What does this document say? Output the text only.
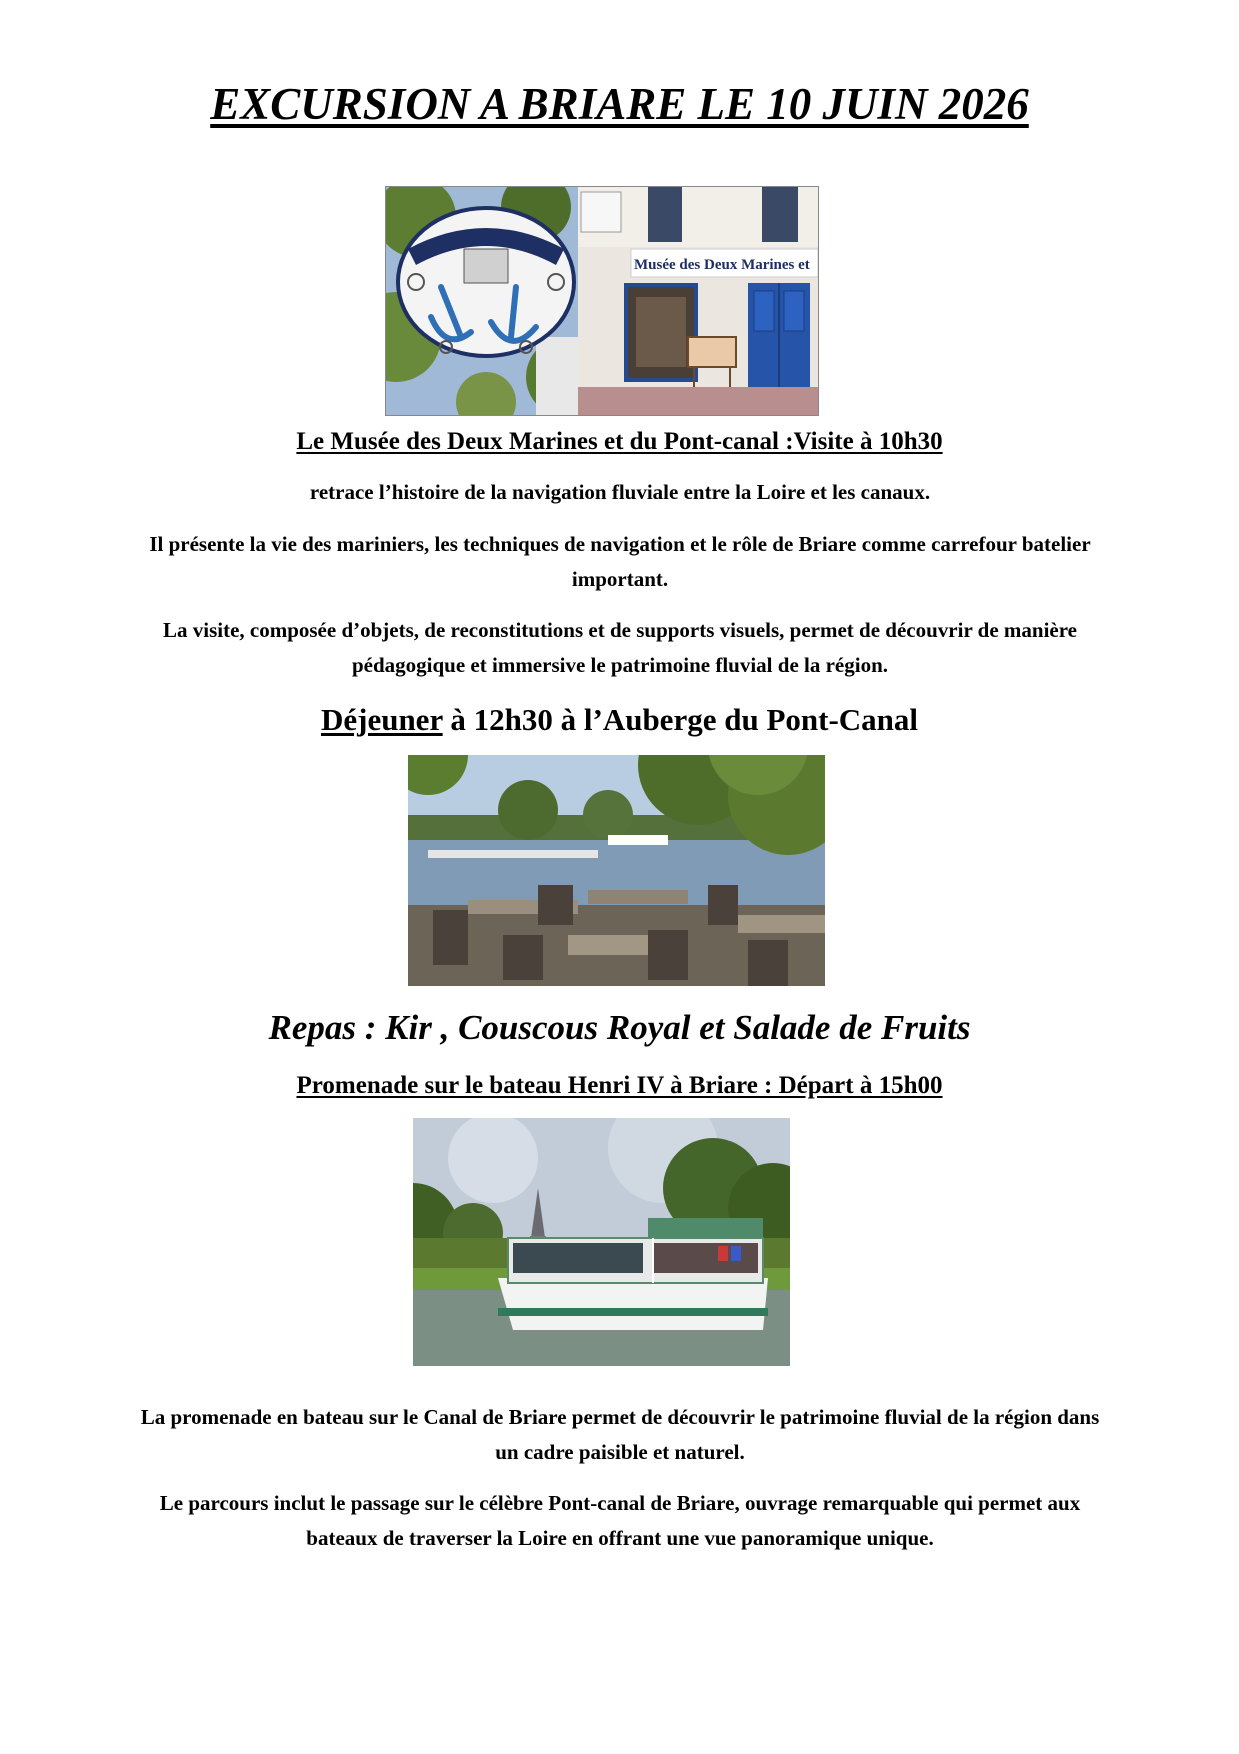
EXCURSION A BRIARE LE 10 JUIN 2026
Musée des Deux Marines et
Le Musée des Deux Marines et du Pont-canal :Visite à 10h30
retrace l’histoire de la navigation fluviale entre la Loire et les canaux.
Il présente la vie des mariniers, les techniques de navigation et le rôle de Briare comme carrefour batelier important.
La visite, composée d’objets, de reconstitutions et de supports visuels, permet de découvrir de manière pédagogique et immersive le patrimoine fluvial de la région.
Déjeuner à 12h30 à l’Auberge du Pont-Canal
Repas : Kir , Couscous Royal et Salade de Fruits
Promenade sur le bateau Henri IV à Briare : Départ à 15h00
La promenade en bateau sur le Canal de Briare permet de découvrir le patrimoine fluvial de la région dans un cadre paisible et naturel.
Le parcours inclut le passage sur le célèbre Pont-canal de Briare, ouvrage remarquable qui permet aux bateaux de traverser la Loire en offrant une vue panoramique unique.
